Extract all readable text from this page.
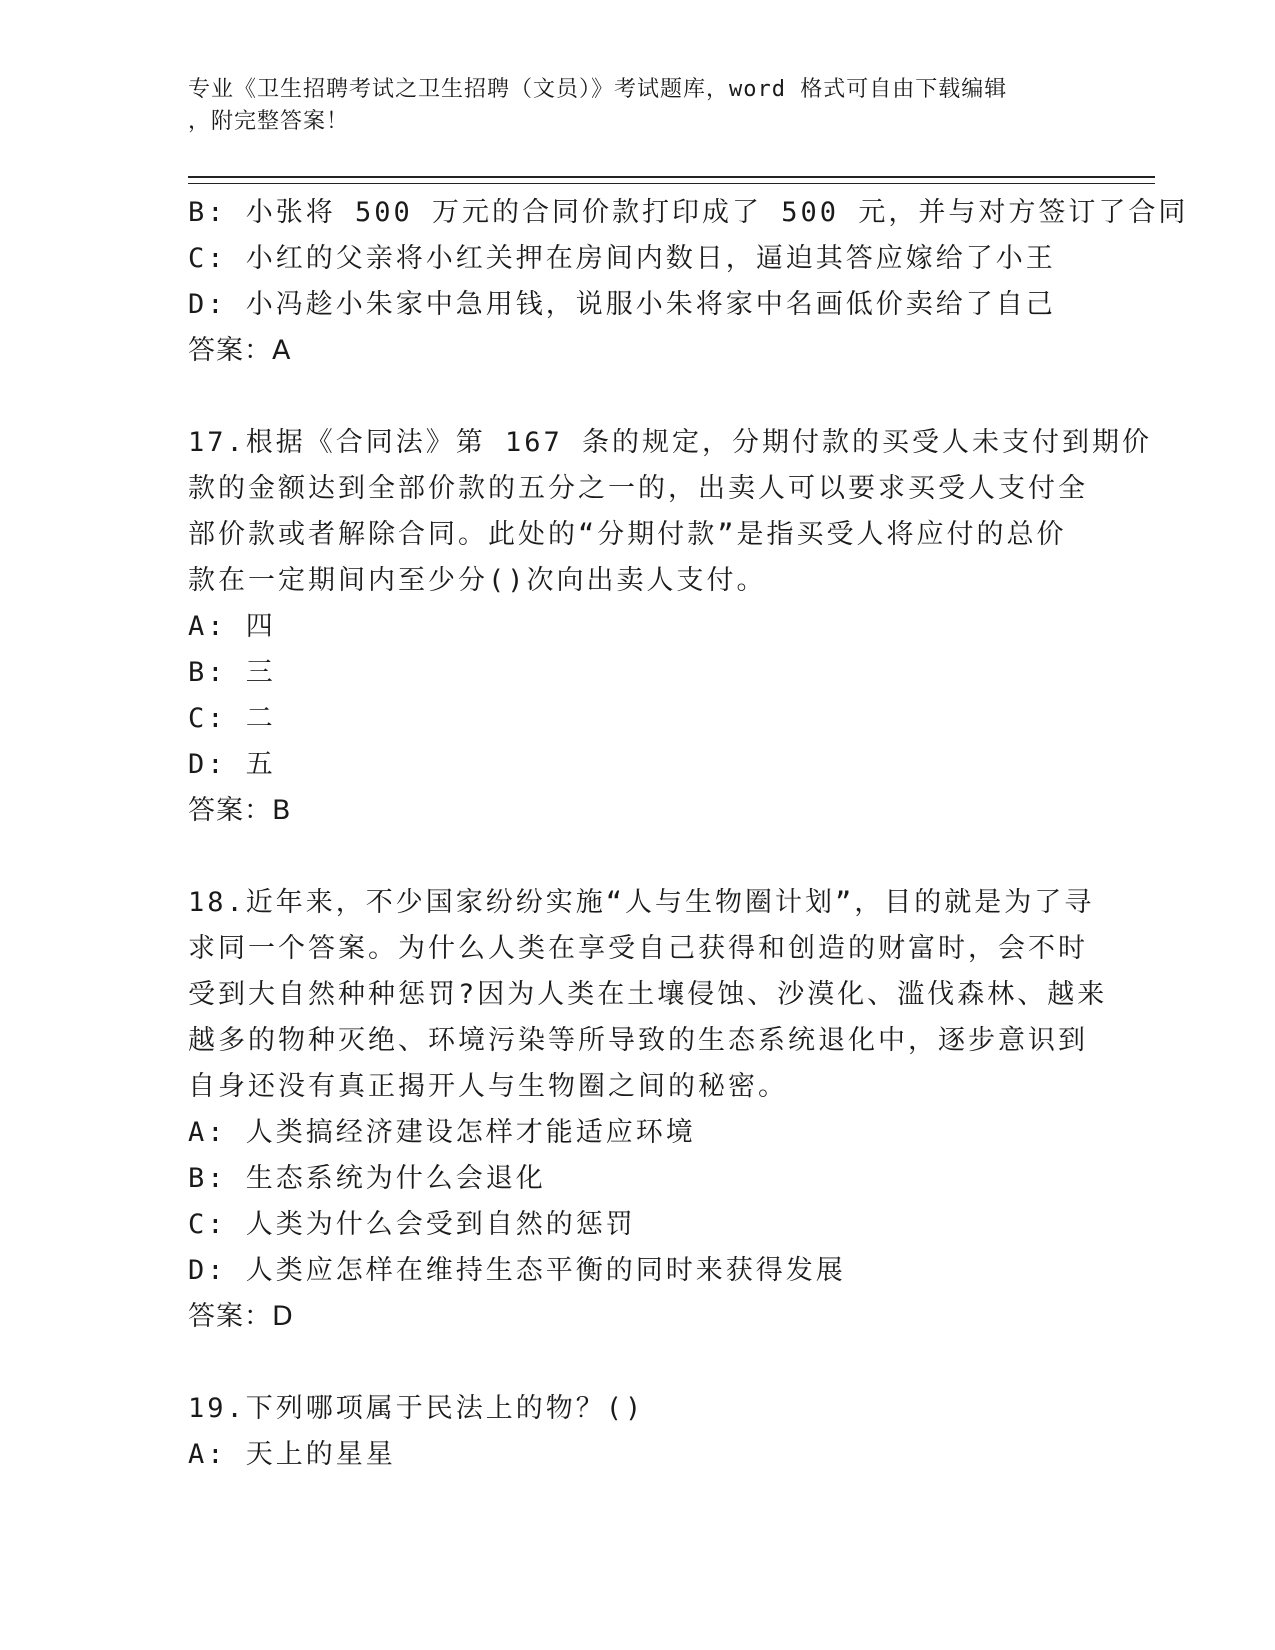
专业《卫生招聘考试之卫生招聘（文员）》考试题库，word 格式可自由下载编辑
，附完整答案！
B: 小张将 500 万元的合同价款打印成了 500 元，并与对方签订了合同
C: 小红的父亲将小红关押在房间内数日，逼迫其答应嫁给了小王
D: 小冯趁小朱家中急用钱，说服小朱将家中名画低价卖给了自己
答案：A
17.根据《合同法》第 167 条的规定，分期付款的买受人未支付到期价
款的金额达到全部价款的五分之一的，出卖人可以要求买受人支付全
部价款或者解除合同。此处的“分期付款”是指买受人将应付的总价
款在一定期间内至少分()次向出卖人支付。
A: 四
B: 三
C: 二
D: 五
答案：B
18.近年来，不少国家纷纷实施“人与生物圈计划”，目的就是为了寻
求同一个答案。为什么人类在享受自己获得和创造的财富时，会不时
受到大自然种种惩罚?因为人类在土壤侵蚀、沙漠化、滥伐森林、越来
越多的物种灭绝、环境污染等所导致的生态系统退化中，逐步意识到
自身还没有真正揭开人与生物圈之间的秘密。
A: 人类搞经济建设怎样才能适应环境
B: 生态系统为什么会退化
C: 人类为什么会受到自然的惩罚
D: 人类应怎样在维持生态平衡的同时来获得发展
答案：D
19.下列哪项属于民法上的物？()
A: 天上的星星
